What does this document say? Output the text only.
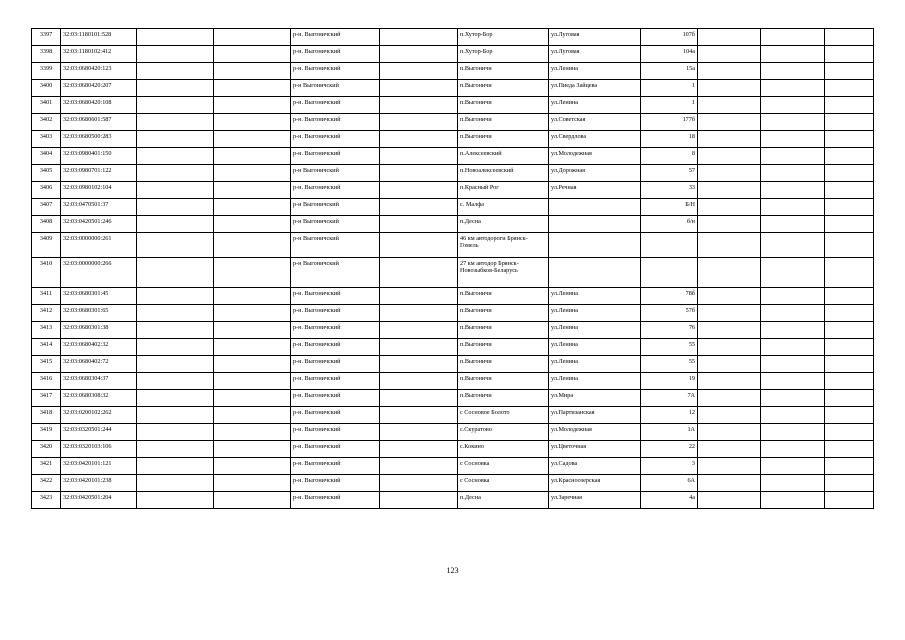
3397	32:03:1180101:528			р-н. Выгоничский		п.Хутор-Бор	ул.Луговая	107б			
3398	32:03:1180102:412			р-н. Выгоничский		п.Хутор-Бор	ул.Луговая	104а			
3399	32:03:0680420:123			р-н. Выгоничский		п.Выгоничи	ул.Ленина	15а			
3400	32:03:0680420:207			р-н Выгоничский		п.Выгоничи	ул.Пиеда Зайцева	1			
3401	32:03:0680420:108			р-н. Выгоничский		п.Выгоничи	ул.Ленина	1			
3402	32:03:0680601:587			р-н. Выгоничский		п.Выгоничи	ул.Советская	177б			
3403	32:03:0680500:283			р-н. Выгоничский		п.Выгоничи	ул.Свердлова	18			
3404	32:03:0980401:150			р-н. Выгоничский		п.Алексеевский	ул.Молодежная	8			
3405	32:03:0980701:122			р-н Выгоничский		п.Новоалексеевский	ул.Дорожная	57			
3406	32:03:0980102:104			р-н. Выгоничский		п.Красный Рог	ул.Речная	33			
3407	32:03:0470501:37			р-н Выгоничский		с. Малфа		Б/Н			
3408	32:03:0420501:246			р-н Выгоничский		п.Десна		б/н			
3409	32:03:0000000:261			р-н Выгоничский		46 км автодороги Брянск-Гомель					
3410	32:03:0000000:266			р-н Выгоничский		27 км автодор Брянск-Новозыбков-Беларусь					
3411	32:03:0680301:45			р-н. Выгоничский		п.Выгоничи	ул.Ленина	78б			
3412	32:03:0680301:65			р-н. Выгоничский		п.Выгоничи	ул.Ленина	57б			
3413	32:03:0680301:38			р-н. Выгоничский		п.Выгоничи	ул.Ленина	76			
3414	32:03:0680402:32			р-н. Выгоничский		п.Выгоничи	ул.Ленина	55			
3415	32:03:0680402:72			р-н. Выгоничский		п.Выгоничи	ул.Ленина	55			
3416	32:03:0680304:37			р-н. Выгоничский		п.Выгоничи	ул.Ленина	19			
3417	32:03:0680308:32			р-н. Выгоничский		п.Выгоничи	ул.Мира	7А			
3418	32:03:0200102:262			р-н. Выгоничский		с Сосновое Болото	ул.Партизанская	12			
3419	32:03:0320501:244			р-н. Выгоничский		с.Скуратово	ул.Молодежная	1А			
3420	32:03:0320103:106			р-н. Выгоничский		с.Кокино	ул.Цветочная	22			
3421	32:03:0420101:121			р-н. Выгоничский		с Сосновка	ул.Садова	3			
3422	32:03:0420101:238			р-н. Выгоничский		с Сосновка	ул.Красноозерская	6А			
3423	32:03:0420501:204			р-н. Выгоничский		п.Десна	ул.Заречная	4а			
123
